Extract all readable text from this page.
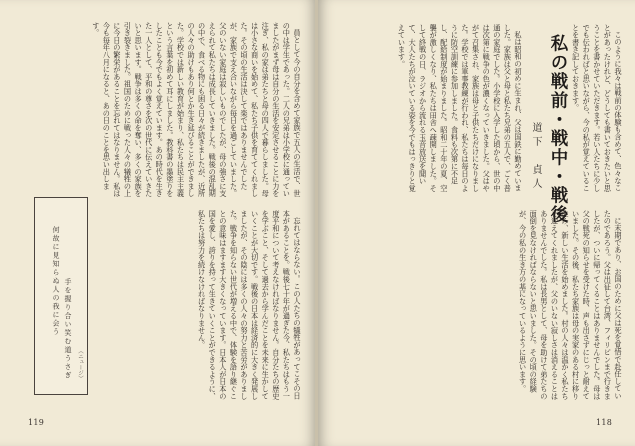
員として今の自分を含めて家族で五人の生活で、世の中は学生であった。二人の兄弟は小学校に通っていましたがまず母は自分の生活を安定させることに力を注ぎ、私の家は弟たちと母の四人で暮らしました。母は小さな商いを始めて、私たち子供を育ててくれました。その頃の生活は決して楽ではありませんでしたが、家族で支え合いながら毎日を過ごしていました。父のいない家庭は寂しいものでしたが、母の強さに支えられて私たちは成長していきました。戦後の混乱期の中で、食べる物にも困る日々が続きましたが、近所の人々の助けもあり何とか生き延びることができました。学校では新しい教育が始まり、私たちは民主主義という言葉を初めて耳にしました。教科書の墨塗りをしたことも今でもよく覚えています。あの時代を生きた一人として、平和の尊さを次の世代に伝えていきたいと思います。戦争は多くの命を奪い、多くの家族を引き裂きました。祖国のために戦った人々の犠牲の上に今日の繁栄があることを忘れてはなりません。私は今も毎年八月になると、あの日のことを思い出します。

忘れてはならない。この人たちの犠牲があってこその日本があることを。戦後七十年が過ぎた今、私たちはもう一度平和について考えなければなりません。自分たちの歴史を学ぶこと、そして過去から学んだことを未来に生かしていくことが大切です。戦後の日本は経済的に大きく発展しましたが、その陰には多くの人々の努力と苦労がありました。戦争を知らない世代が増える中で、体験を語り継ぐことの意味はますます大きくなっています。日本人が日本の国を愛し、誇りを持って生きていくことができるように、私たちは努力を続けなければなりません。

何故に見知らぬ人の我に会う 手を握り合い笑む道うさぎ （ニュージ）
119

このように我々は戦前の体験も含めて、色々なことがあったけれど、どうしても書いておきたいと思うことを書かせていただきます。若い人たちに少しでも伝わればと思いながら、今の私が覚えていることを書き記しておきます。

私の戦前・戦中・戦後
道下　貞人

私は昭和の初めに生まれ、父は国鉄に勤めていました。家族は父と母と私たち兄弟の五人で、ごく普通の家庭でした。小学校に入学した頃から、世の中は次第に戦争の色が濃くなっていきました。父はやがて召集され、家族は母と子供たちだけになりました。学校では軍事教練が行われ、私たちは毎日のように防空訓練に参加しました。食料も次第に不足し、配給制度が始まりました。昭和二十年の夏、空襲が激しくなり、私たちは田舎へ疎開しました。そして終戦の日、ラジオから流れる玉音放送を聞いて、大人たちが泣いている姿を今でもはっきりと覚えています。

に末期であり、お国のために父は死を覚悟で赴任していたのであろう。父は出征して台湾、フィリピンまで行きましたが、ついに帰ってくることはありませんでした。母は父の戦死の知らせを受けた時、声も出さずにじっと耐えていました。その後、私たち家族は母の実家のある村に移り住み、新しい生活を始めました。村の人々は温かく私たちを迎えてくれましたが、父のいない寂しさは消えることはありませんでした。私は長男として、母を助けて弟たちの面倒を見なければならないと思いました。その頃の経験が、今の私の生き方の基になっているように思います。

118
